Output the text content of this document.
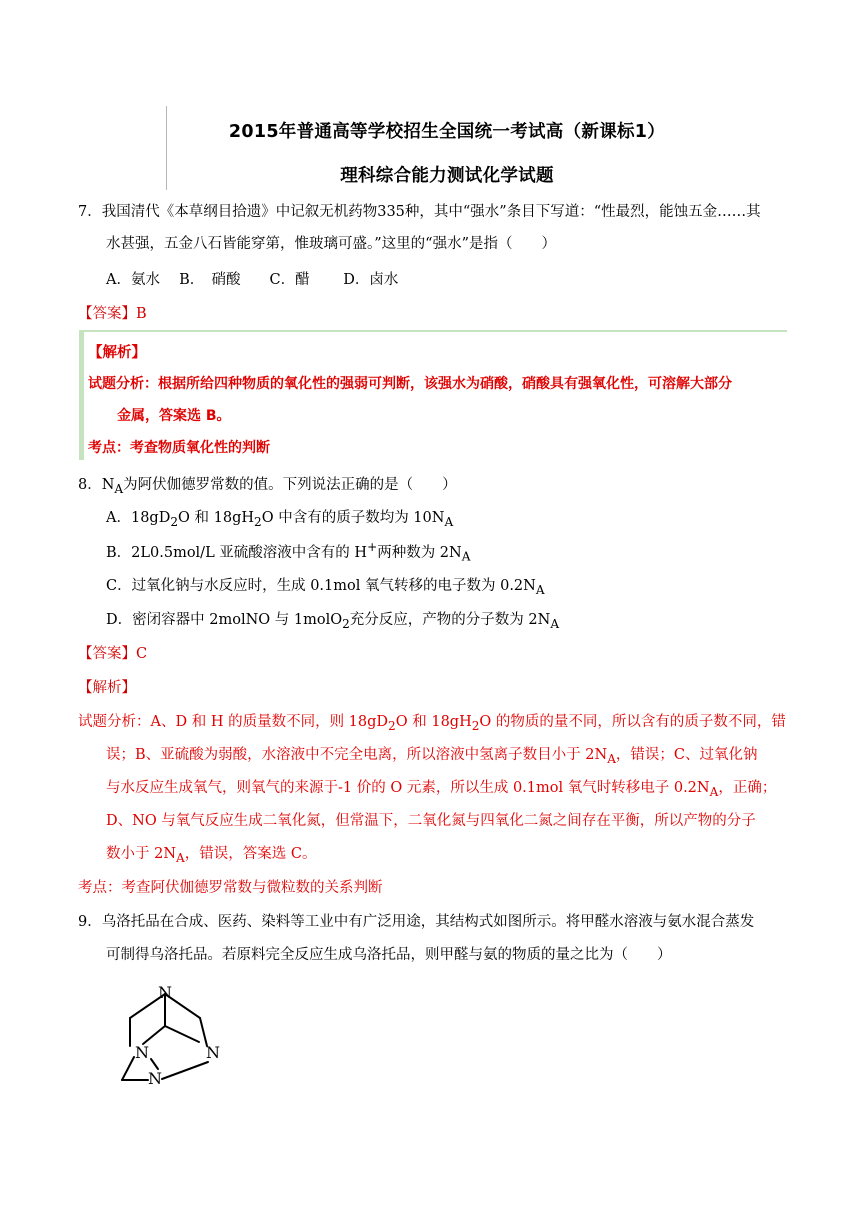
2015年普通高等学校招生全国统一考试高（新课标1）
理科综合能力测试化学试题
7．我国清代《本草纲目拾遗》中记叙无机药物335种，其中“强水”条目下写道：“性最烈，能蚀五金……其
水甚强，五金八石皆能穿第，惟玻璃可盛。”这里的“强水”是指（　　）
A．氨水　 B．　硝酸　　C．醋　　 D．卤水
【答案】B
【解析】
试题分析：根据所给四种物质的氧化性的强弱可判断，该强水为硝酸，硝酸具有强氧化性，可溶解大部分
金属，答案选 B。
考点：考查物质氧化性的判断
8．$N_A$为阿伏伽德罗常数的值。下列说法正确的是（　　）
A．$18gD_2O$ 和 $18gH_2O$ 中含有的质子数均为 $10N_A$
B．2L0.5mol/L 亚硫酸溶液中含有的 H+两种数为 $2N_A$
C．过氧化钠与水反应时，生成 0.1mol 氧气转移的电子数为 $0.2N_A$
D．密闭容器中 2molNO 与 1molO$_2$充分反应，产物的分子数为 $2N_A$
【答案】C
【解析】
试题分析：A、D 和 H 的质量数不同，则 $18gD_2O$ 和 $18gH_2O$ 的物质的量不同，所以含有的质子数不同，错
误；B、亚硫酸为弱酸，水溶液中不完全电离，所以溶液中氢离子数目小于 $2N_A$，错误；C、过氧化钠
与水反应生成氧气，则氧气的来源于-1 价的 O 元素，所以生成 0.1mol 氧气时转移电子 $0.2N_A$，正确；
D、NO 与氧气反应生成二氧化氮，但常温下，二氧化氮与四氧化二氮之间存在平衡，所以产物的分子
数小于 $2N_A$，错误，答案选 C。
考点：考查阿伏伽德罗常数与微粒数的关系判断
9．乌洛托品在合成、医药、染料等工业中有广泛用途，其结构式如图所示。将甲醛水溶液与氨水混合蒸发
可制得乌洛托品。若原料完全反应生成乌洛托品，则甲醛与氨的物质的量之比为（　　）
N
N	N
N
